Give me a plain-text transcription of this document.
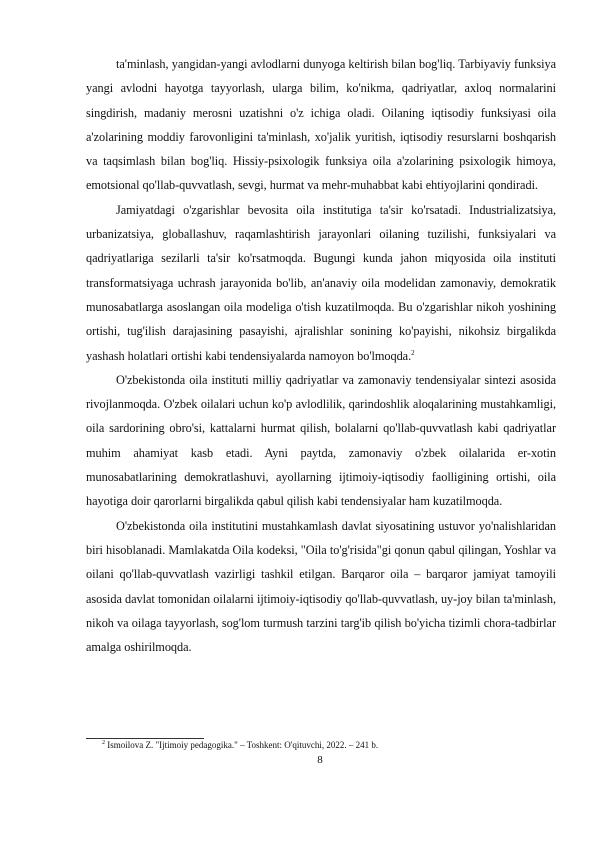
ta'minlash, yangidan-yangi avlodlarni dunyoga keltirish bilan bog'liq. Tarbiyaviy funksiya yangi avlodni hayotga tayyorlash, ularga bilim, ko'nikma, qadriyatlar, axloq normalarini singdirish, madaniy merosni uzatishni o'z ichiga oladi. Oilaning iqtisodiy funksiyasi oila a'zolarining moddiy farovonligini ta'minlash, xo'jalik yuritish, iqtisodiy resurslarni boshqarish va taqsimlash bilan bog'liq. Hissiy-psixologik funksiya oila a'zolarining psixologik himoya, emotsional qo'llab-quvvatlash, sevgi, hurmat va mehr-muhabbat kabi ehtiyojlarini qondiradi.

Jamiyatdagi o'zgarishlar bevosita oila institutiga ta'sir ko'rsatadi. Industrializatsiya, urbanizatsiya, globallashuv, raqamlashtirish jarayonlari oilaning tuzilishi, funksiyalari va qadriyatlariga sezilarli ta'sir ko'rsatmoqda. Bugungi kunda jahon miqyosida oila instituti transformatsiyaga uchrash jarayonida bo'lib, an'anaviy oila modelidan zamonaviy, demokratik munosabatlarga asoslangan oila modeliga o'tish kuzatilmoqda. Bu o'zgarishlar nikoh yoshining ortishi, tug'ilish darajasining pasayishi, ajralishlar sonining ko'payishi, nikohsiz birgalikda yashash holatlari ortishi kabi tendensiyalarda namoyon bo'lmoqda.$^2$

O'zbekistonda oila instituti milliy qadriyatlar va zamonaviy tendensiyalar sintezi asosida rivojlanmoqda. O'zbek oilalari uchun ko'p avlodlilik, qarindoshlik aloqalarining mustahkamligi, oila sardorining obro'si, kattalarni hurmat qilish, bolalarni qo'llab-quvvatlash kabi qadriyatlar muhim ahamiyat kasb etadi. Ayni paytda, zamonaviy o'zbek oilalarida er-xotin munosabatlarining demokratlashuvi, ayollarning ijtimoiy-iqtisodiy faolligining ortishi, oila hayotiga doir qarorlarni birgalikda qabul qilish kabi tendensiyalar ham kuzatilmoqda.

O'zbekistonda oila institutini mustahkamlash davlat siyosatining ustuvor yo'nalishlaridan biri hisoblanadi. Mamlakatda Oila kodeksi, "Oila to'g'risida"gi qonun qabul qilingan, Yoshlar va oilani qo'llab-quvvatlash vazirligi tashkil etilgan. Barqaror oila – barqaror jamiyat tamoyili asosida davlat tomonidan oilalarni ijtimoiy-iqtisodiy qo'llab-quvvatlash, uy-joy bilan ta'minlash, nikoh va oilaga tayyorlash, sog'lom turmush tarzini targ'ib qilish bo'yicha tizimli chora-tadbirlar amalga oshirilmoqda.

$^2$ Ismoilova Z. "Ijtimoiy pedagogika." – Toshkent: O'qituvchi, 2022. – 241 b.

8
